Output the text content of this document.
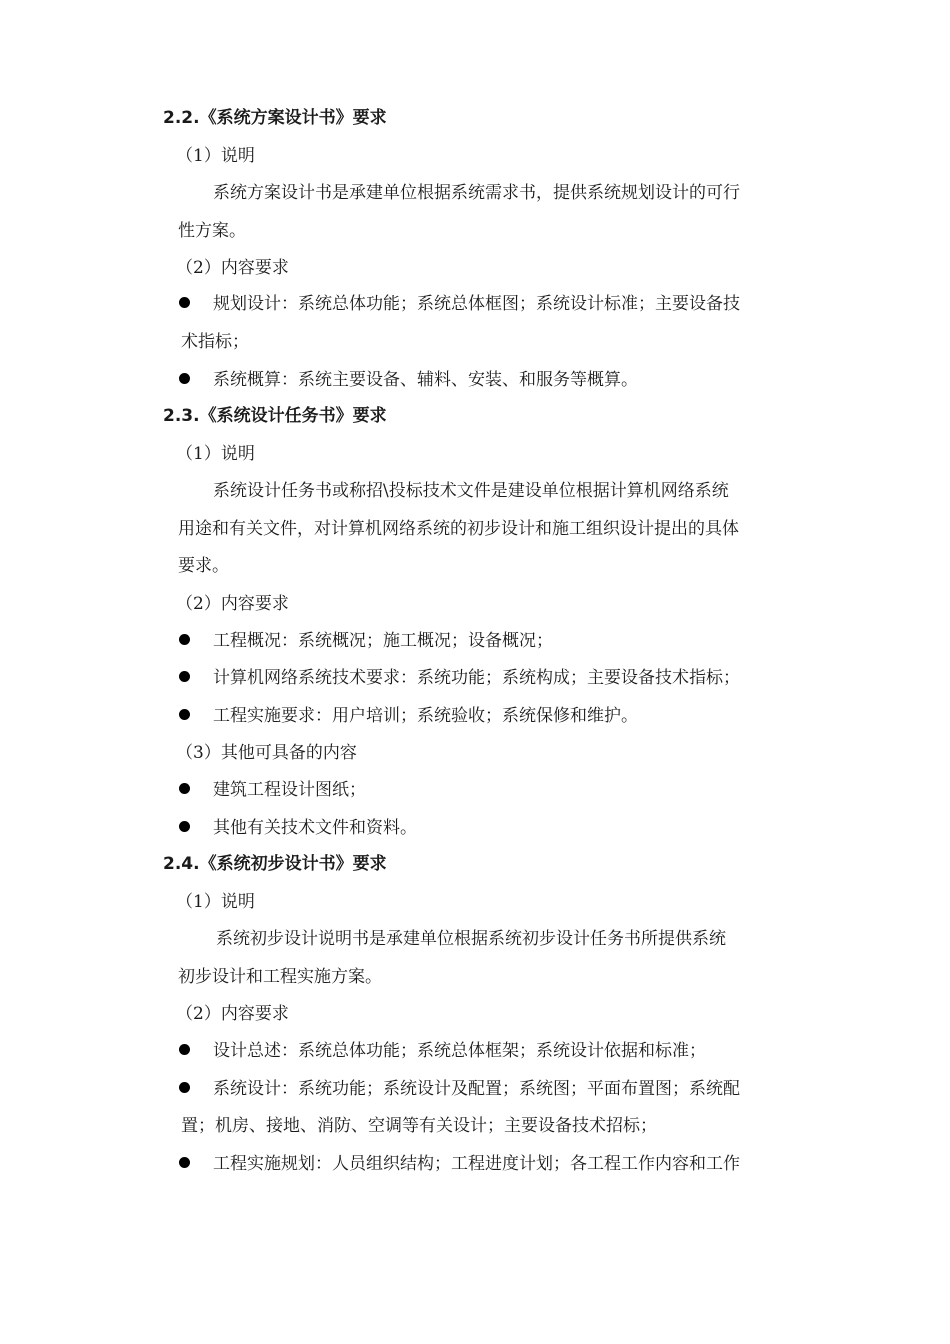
2.2.《系统方案设计书》要求
（1）说明
系统方案设计书是承建单位根据系统需求书，提供系统规划设计的可行
性方案。
（2）内容要求
规划设计：系统总体功能；系统总体框图；系统设计标准；主要设备技
术指标；
系统概算：系统主要设备、辅料、安装、和服务等概算。
2.3.《系统设计任务书》要求
（1）说明
系统设计任务书或称招\投标技术文件是建设单位根据计算机网络系统
用途和有关文件，对计算机网络系统的初步设计和施工组织设计提出的具体
要求。
（2）内容要求
工程概况：系统概况；施工概况；设备概况；
计算机网络系统技术要求：系统功能；系统构成；主要设备技术指标；
工程实施要求：用户培训；系统验收；系统保修和维护。
（3）其他可具备的内容
建筑工程设计图纸；
其他有关技术文件和资料。
2.4.《系统初步设计书》要求
（1）说明
系统初步设计说明书是承建单位根据系统初步设计任务书所提供系统
初步设计和工程实施方案。
（2）内容要求
设计总述：系统总体功能；系统总体框架；系统设计依据和标准；
系统设计：系统功能；系统设计及配置；系统图；平面布置图；系统配
置；机房、接地、消防、空调等有关设计；主要设备技术招标；
工程实施规划：人员组织结构；工程进度计划；各工程工作内容和工作
